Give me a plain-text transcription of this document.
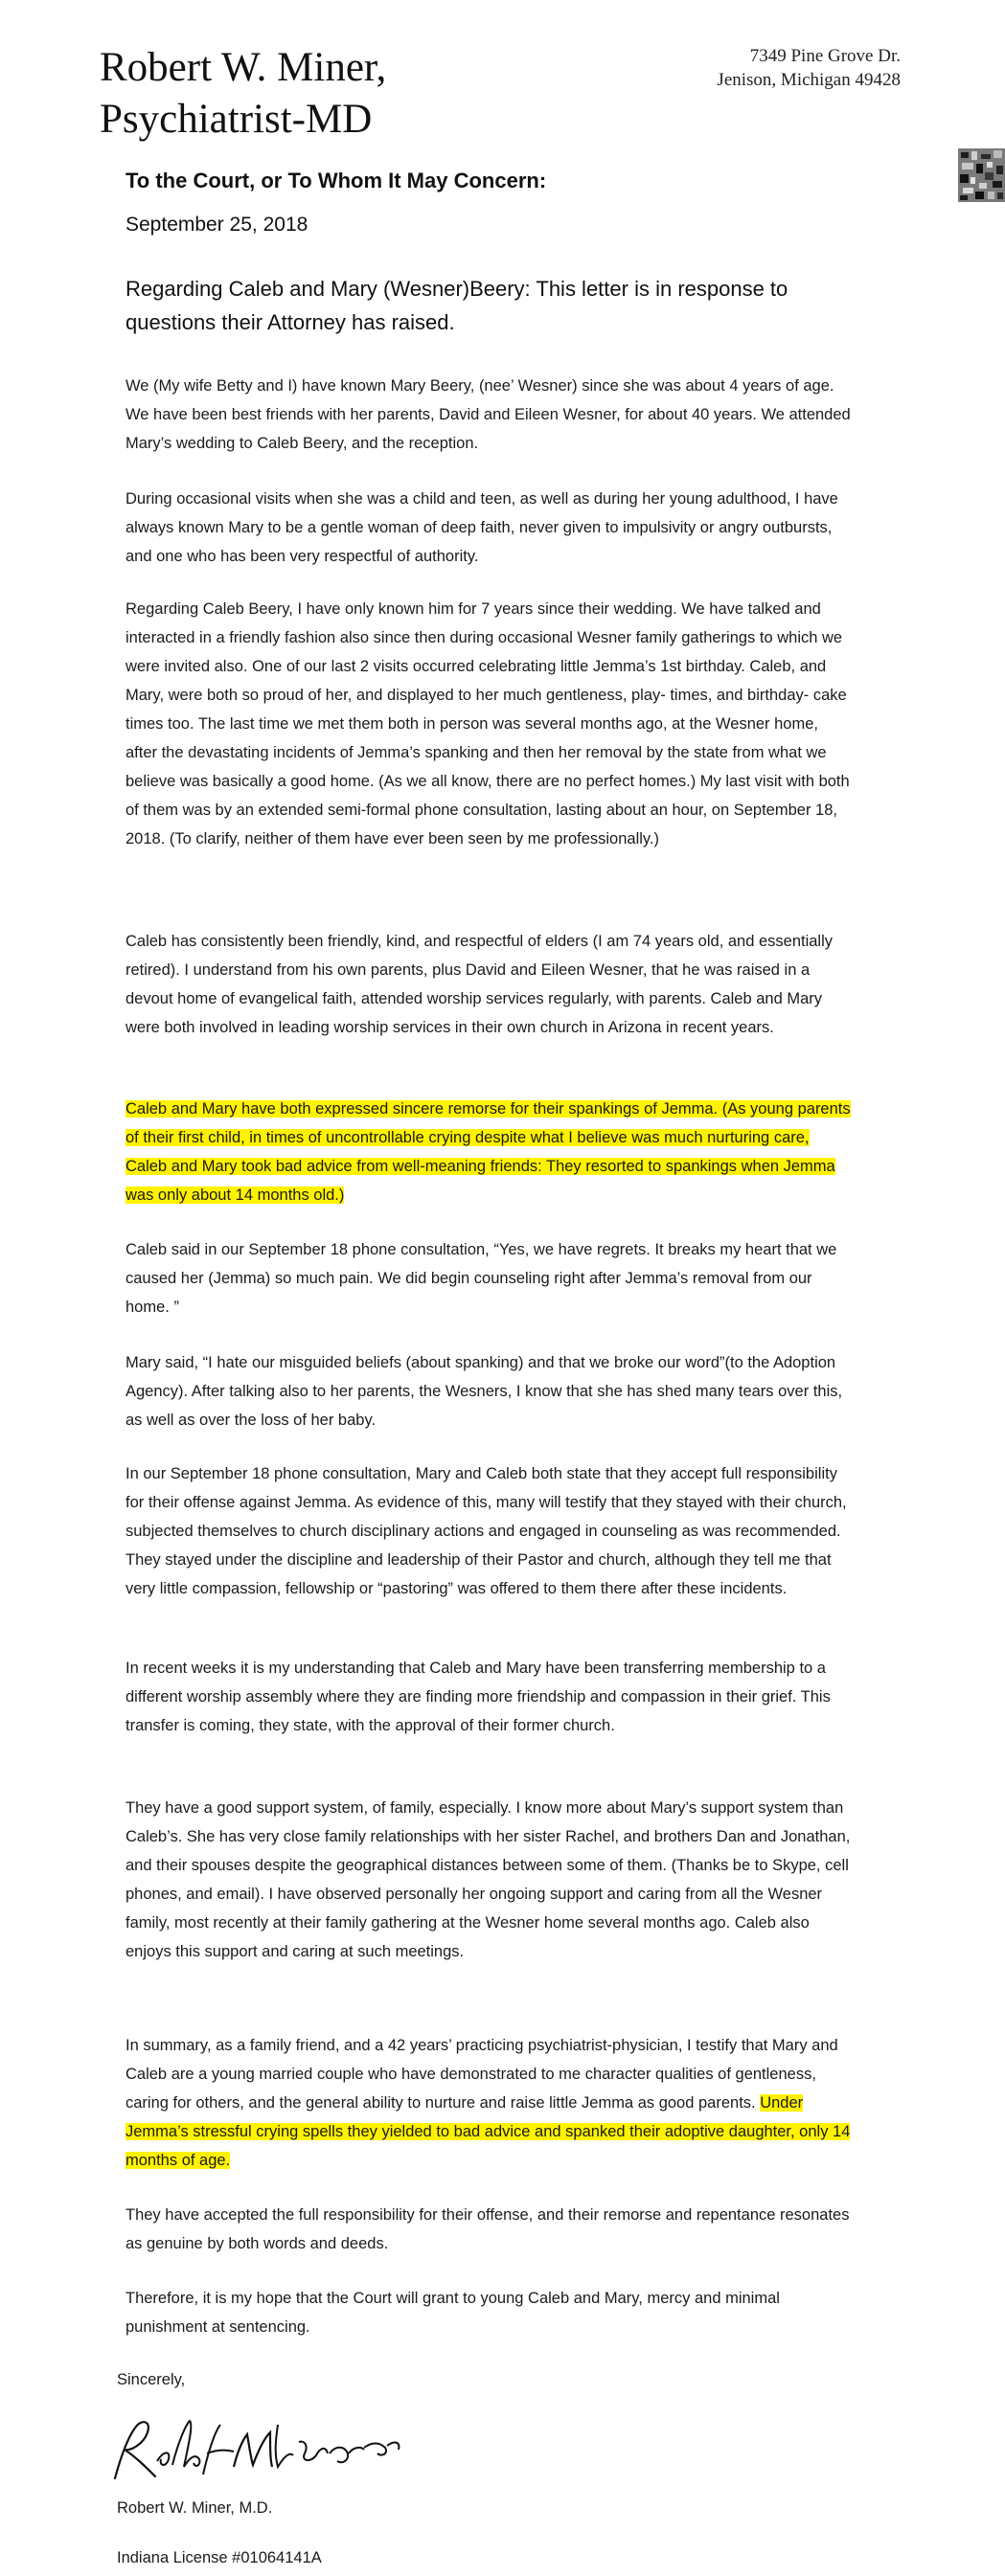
Robert W. Miner,
Psychiatrist-MD
7349 Pine Grove Dr.
Jenison, Michigan 49428
To the Court, or To Whom It May Concern:
September 25, 2018
Regarding Caleb and Mary (Wesner)Beery: This letter is in response to questions their Attorney has raised.

We (My wife Betty and I) have known Mary Beery, (nee’ Wesner) since she was about 4 years of age. We have been best friends with her parents, David and Eileen Wesner, for about 40 years. We attended Mary’s wedding to Caleb Beery, and the reception.

During occasional visits when she was a child and teen, as well as during her young adulthood, I have always known Mary to be a gentle woman of deep faith, never given to impulsivity or angry outbursts, and one who has been very respectful of authority.

Regarding Caleb Beery, I have only known him for 7 years since their wedding. We have talked and interacted in a friendly fashion also since then during occasional Wesner family gatherings to which we were invited also. One of our last 2 visits occurred celebrating little Jemma’s 1st birthday. Caleb, and Mary, were both so proud of her, and displayed to her much gentleness, play- times, and birthday- cake times too. The last time we met them both in person was several months ago, at the Wesner home, after the devastating incidents of Jemma’s spanking and then her removal by the state from what we believe was basically a good home. (As we all know, there are no perfect homes.) My last visit with both of them was by an extended semi-formal phone consultation, lasting about an hour, on September 18, 2018. (To clarify, neither of them have ever been seen by me professionally.)

Caleb has consistently been friendly, kind, and respectful of elders (I am 74 years old, and essentially retired). I understand from his own parents, plus David and Eileen Wesner, that he was raised in a devout home of evangelical faith, attended worship services regularly, with parents. Caleb and Mary were both involved in leading worship services in their own church in Arizona in recent years.

Caleb and Mary have both expressed sincere remorse for their spankings of Jemma. (As young parents of their first child, in times of uncontrollable crying despite what I believe was much nurturing care, Caleb and Mary took bad advice from well-meaning friends: They resorted to spankings when Jemma was only about 14 months old.)

Caleb said in our September 18 phone consultation, “Yes, we have regrets. It breaks my heart that we caused her (Jemma) so much pain. We did begin counseling right after Jemma’s removal from our home. ”

Mary said, “I hate our misguided beliefs (about spanking) and that we broke our word”(to the Adoption Agency). After talking also to her parents, the Wesners, I know that she has shed many tears over this, as well as over the loss of her baby.

In our September 18 phone consultation, Mary and Caleb both state that they accept full responsibility for their offense against Jemma. As evidence of this, many will testify that they stayed with their church, subjected themselves to church disciplinary actions and engaged in counseling as was recommended. They stayed under the discipline and leadership of their Pastor and church, although they tell me that very little compassion, fellowship or “pastoring” was offered to them there after these incidents.

In recent weeks it is my understanding that Caleb and Mary have been transferring membership to a different worship assembly where they are finding more friendship and compassion in their grief. This transfer is coming, they state, with the approval of their former church.

They have a good support system, of family, especially. I know more about Mary’s support system than Caleb’s. She has very close family relationships with her sister Rachel, and brothers Dan and Jonathan, and their spouses despite the geographical distances between some of them. (Thanks be to Skype, cell phones, and email). I have observed personally her ongoing support and caring from all the Wesner family, most recently at their family gathering at the Wesner home several months ago. Caleb also enjoys this support and caring at such meetings.

In summary, as a family friend, and a 42 years’ practicing psychiatrist-physician, I testify that Mary and Caleb are a young married couple who have demonstrated to me character qualities of gentleness, caring for others, and the general ability to nurture and raise little Jemma as good parents. Under Jemma’s stressful crying spells they yielded to bad advice and spanked their adoptive daughter, only 14 months of age.

They have accepted the full responsibility for their offense, and their remorse and repentance resonates as genuine by both words and deeds.

Therefore, it is my hope that the Court will grant to young Caleb and Mary, mercy and minimal punishment at sentencing.

Sincerely,
Robert W. Miner, M.D.
Indiana License #01064141A
